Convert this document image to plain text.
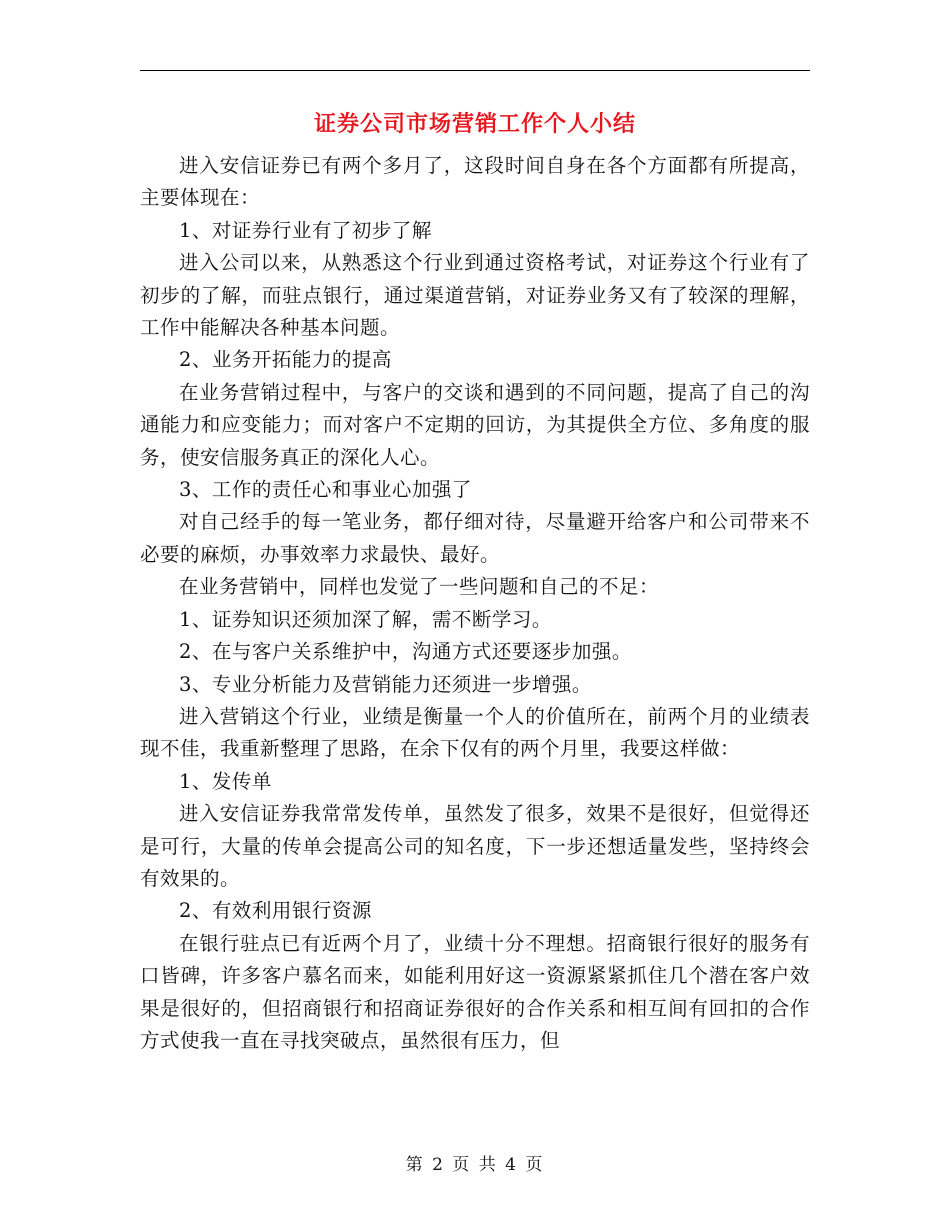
证券公司市场营销工作个人小结

进入安信证券已有两个多月了，这段时间自身在各个方面都有所提高，主要体现在：

1、对证券行业有了初步了解

进入公司以来，从熟悉这个行业到通过资格考试，对证券这个行业有了初步的了解，而驻点银行，通过渠道营销，对证券业务又有了较深的理解，工作中能解决各种基本问题。

2、业务开拓能力的提高

在业务营销过程中，与客户的交谈和遇到的不同问题，提高了自己的沟通能力和应变能力；而对客户不定期的回访，为其提供全方位、多角度的服务，使安信服务真正的深化人心。

3、工作的责任心和事业心加强了

对自己经手的每一笔业务，都仔细对待，尽量避开给客户和公司带来不必要的麻烦，办事效率力求最快、最好。

在业务营销中，同样也发觉了一些问题和自己的不足：

1、证券知识还须加深了解，需不断学习。

2、在与客户关系维护中，沟通方式还要逐步加强。

3、专业分析能力及营销能力还须进一步增强。

进入营销这个行业，业绩是衡量一个人的价值所在，前两个月的业绩表现不佳，我重新整理了思路，在余下仅有的两个月里，我要这样做：

1、发传单

进入安信证券我常常发传单，虽然发了很多，效果不是很好，但觉得还是可行，大量的传单会提高公司的知名度，下一步还想适量发些，坚持终会有效果的。

2、有效利用银行资源

在银行驻点已有近两个月了，业绩十分不理想。招商银行很好的服务有口皆碑，许多客户慕名而来，如能利用好这一资源紧紧抓住几个潜在客户效果是很好的，但招商银行和招商证券很好的合作关系和相互间有回扣的合作方式使我一直在寻找突破点，虽然很有压力，但

第 2 页 共 4 页
